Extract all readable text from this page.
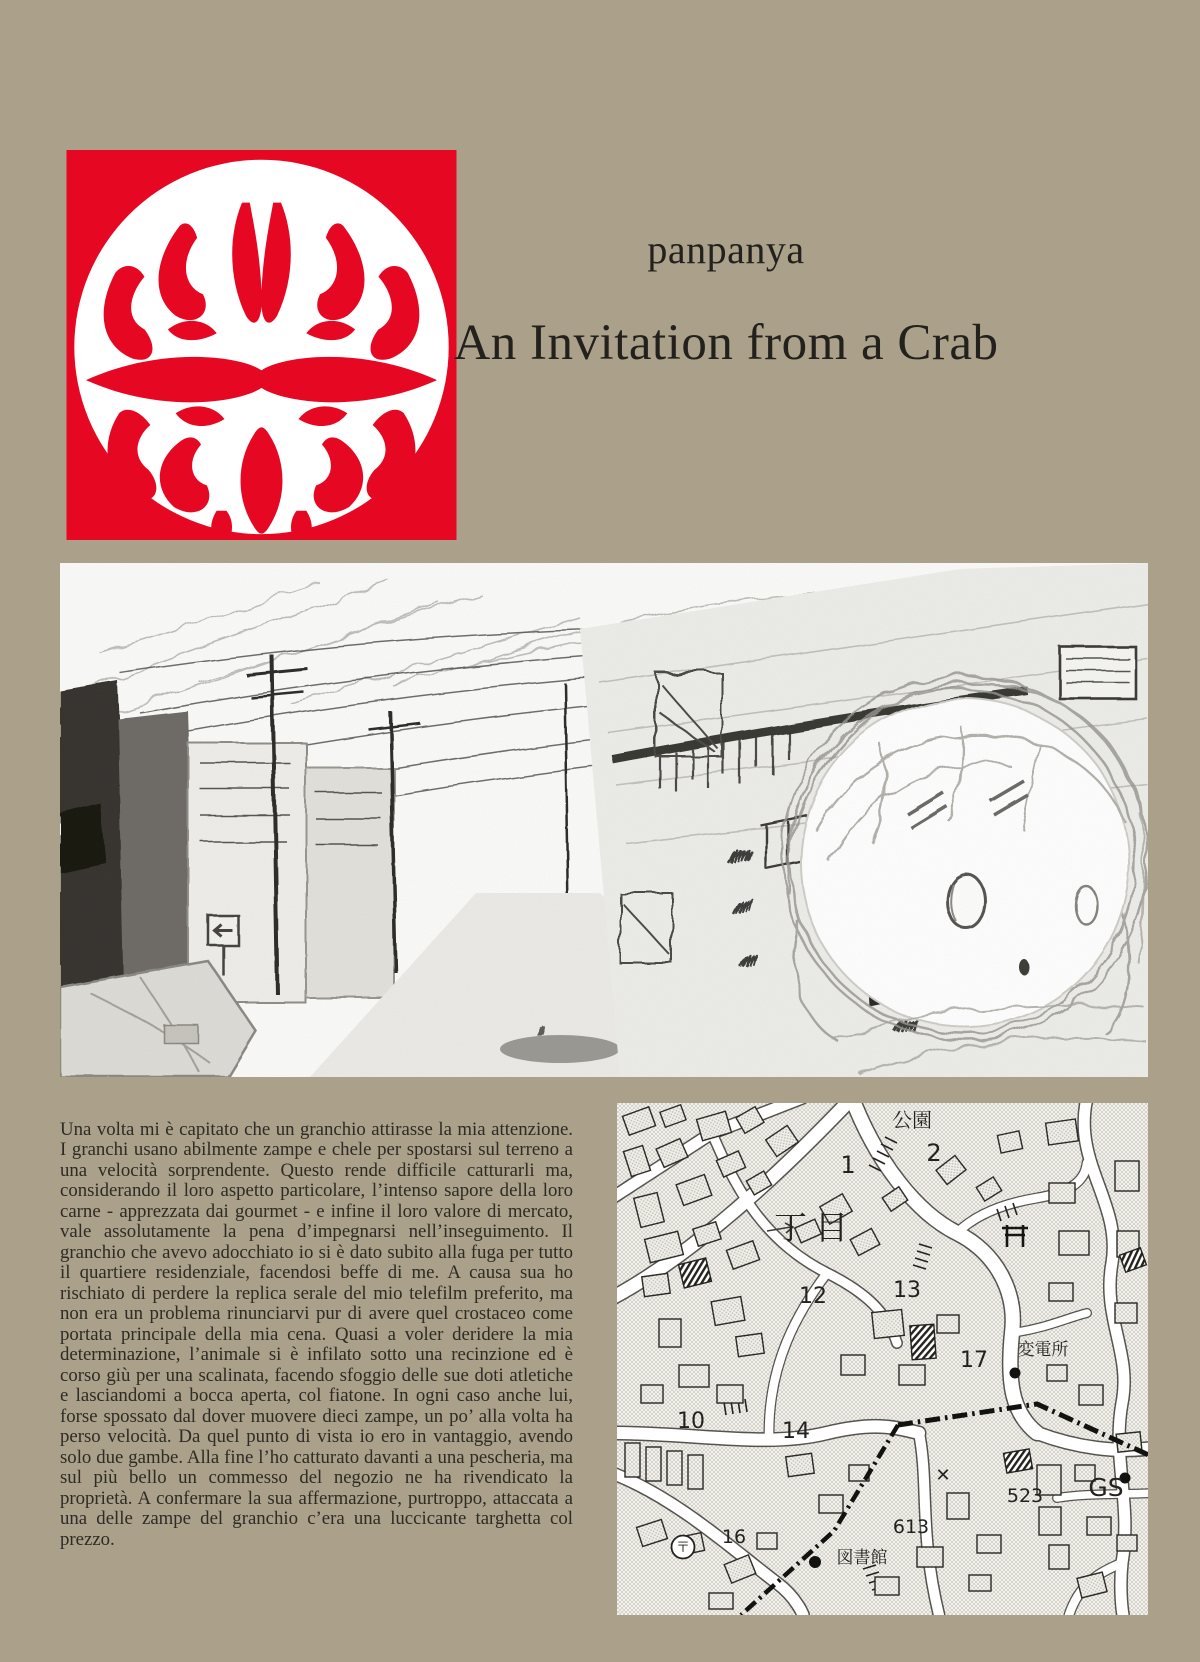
panpanya
An Invitation from a Crab

Una volta mi è capitato che un granchio attirasse la mia attenzione. I granchi usano abilmente zampe e chele per spostarsi sul terreno a una velocità sorprendente. Questo rende difficile catturarli ma, considerando il loro aspetto particolare, l’intenso sapore della loro carne - apprezzata dai gourmet - e infine il loro valore di mercato, vale assolutamente la pena d’impegnarsi nell’inseguimento. Il granchio che avevo adocchiato io si è dato subito alla fuga per tutto il quartiere residenziale, facendosi beffe di me. A causa sua ho rischiato di perdere la replica serale del mio telefilm preferito, ma non era un problema rinunciarvi pur di avere quel crostaceo come portata principale della mia cena. Quasi a voler deridere la mia determinazione, l’animale si è infilato sotto una recinzione ed è corso giù per una scalinata, facendo sfoggio delle sue doti atletiche e lasciandomi a bocca aperta, col fiatone. In ogni caso anche lui, forse spossato dal dover muovere dieci zampe, un po’ alla volta ha perso velocità. Da quel punto di vista io ero in vantaggio, avendo solo due gambe. Alla fine l’ho catturato davanti a una pescheria, ma sul più bello un commesso del negozio ne ha rivendicato la proprietà. A confermare la sua affermazione, purtroppo, attaccata a una delle zampe del granchio c’era una luccicante targhetta col prezzo.

公園
2
1
丁目
13
12
17
10	14
変電所
✕
523 GS
613
16
〒	図書館
